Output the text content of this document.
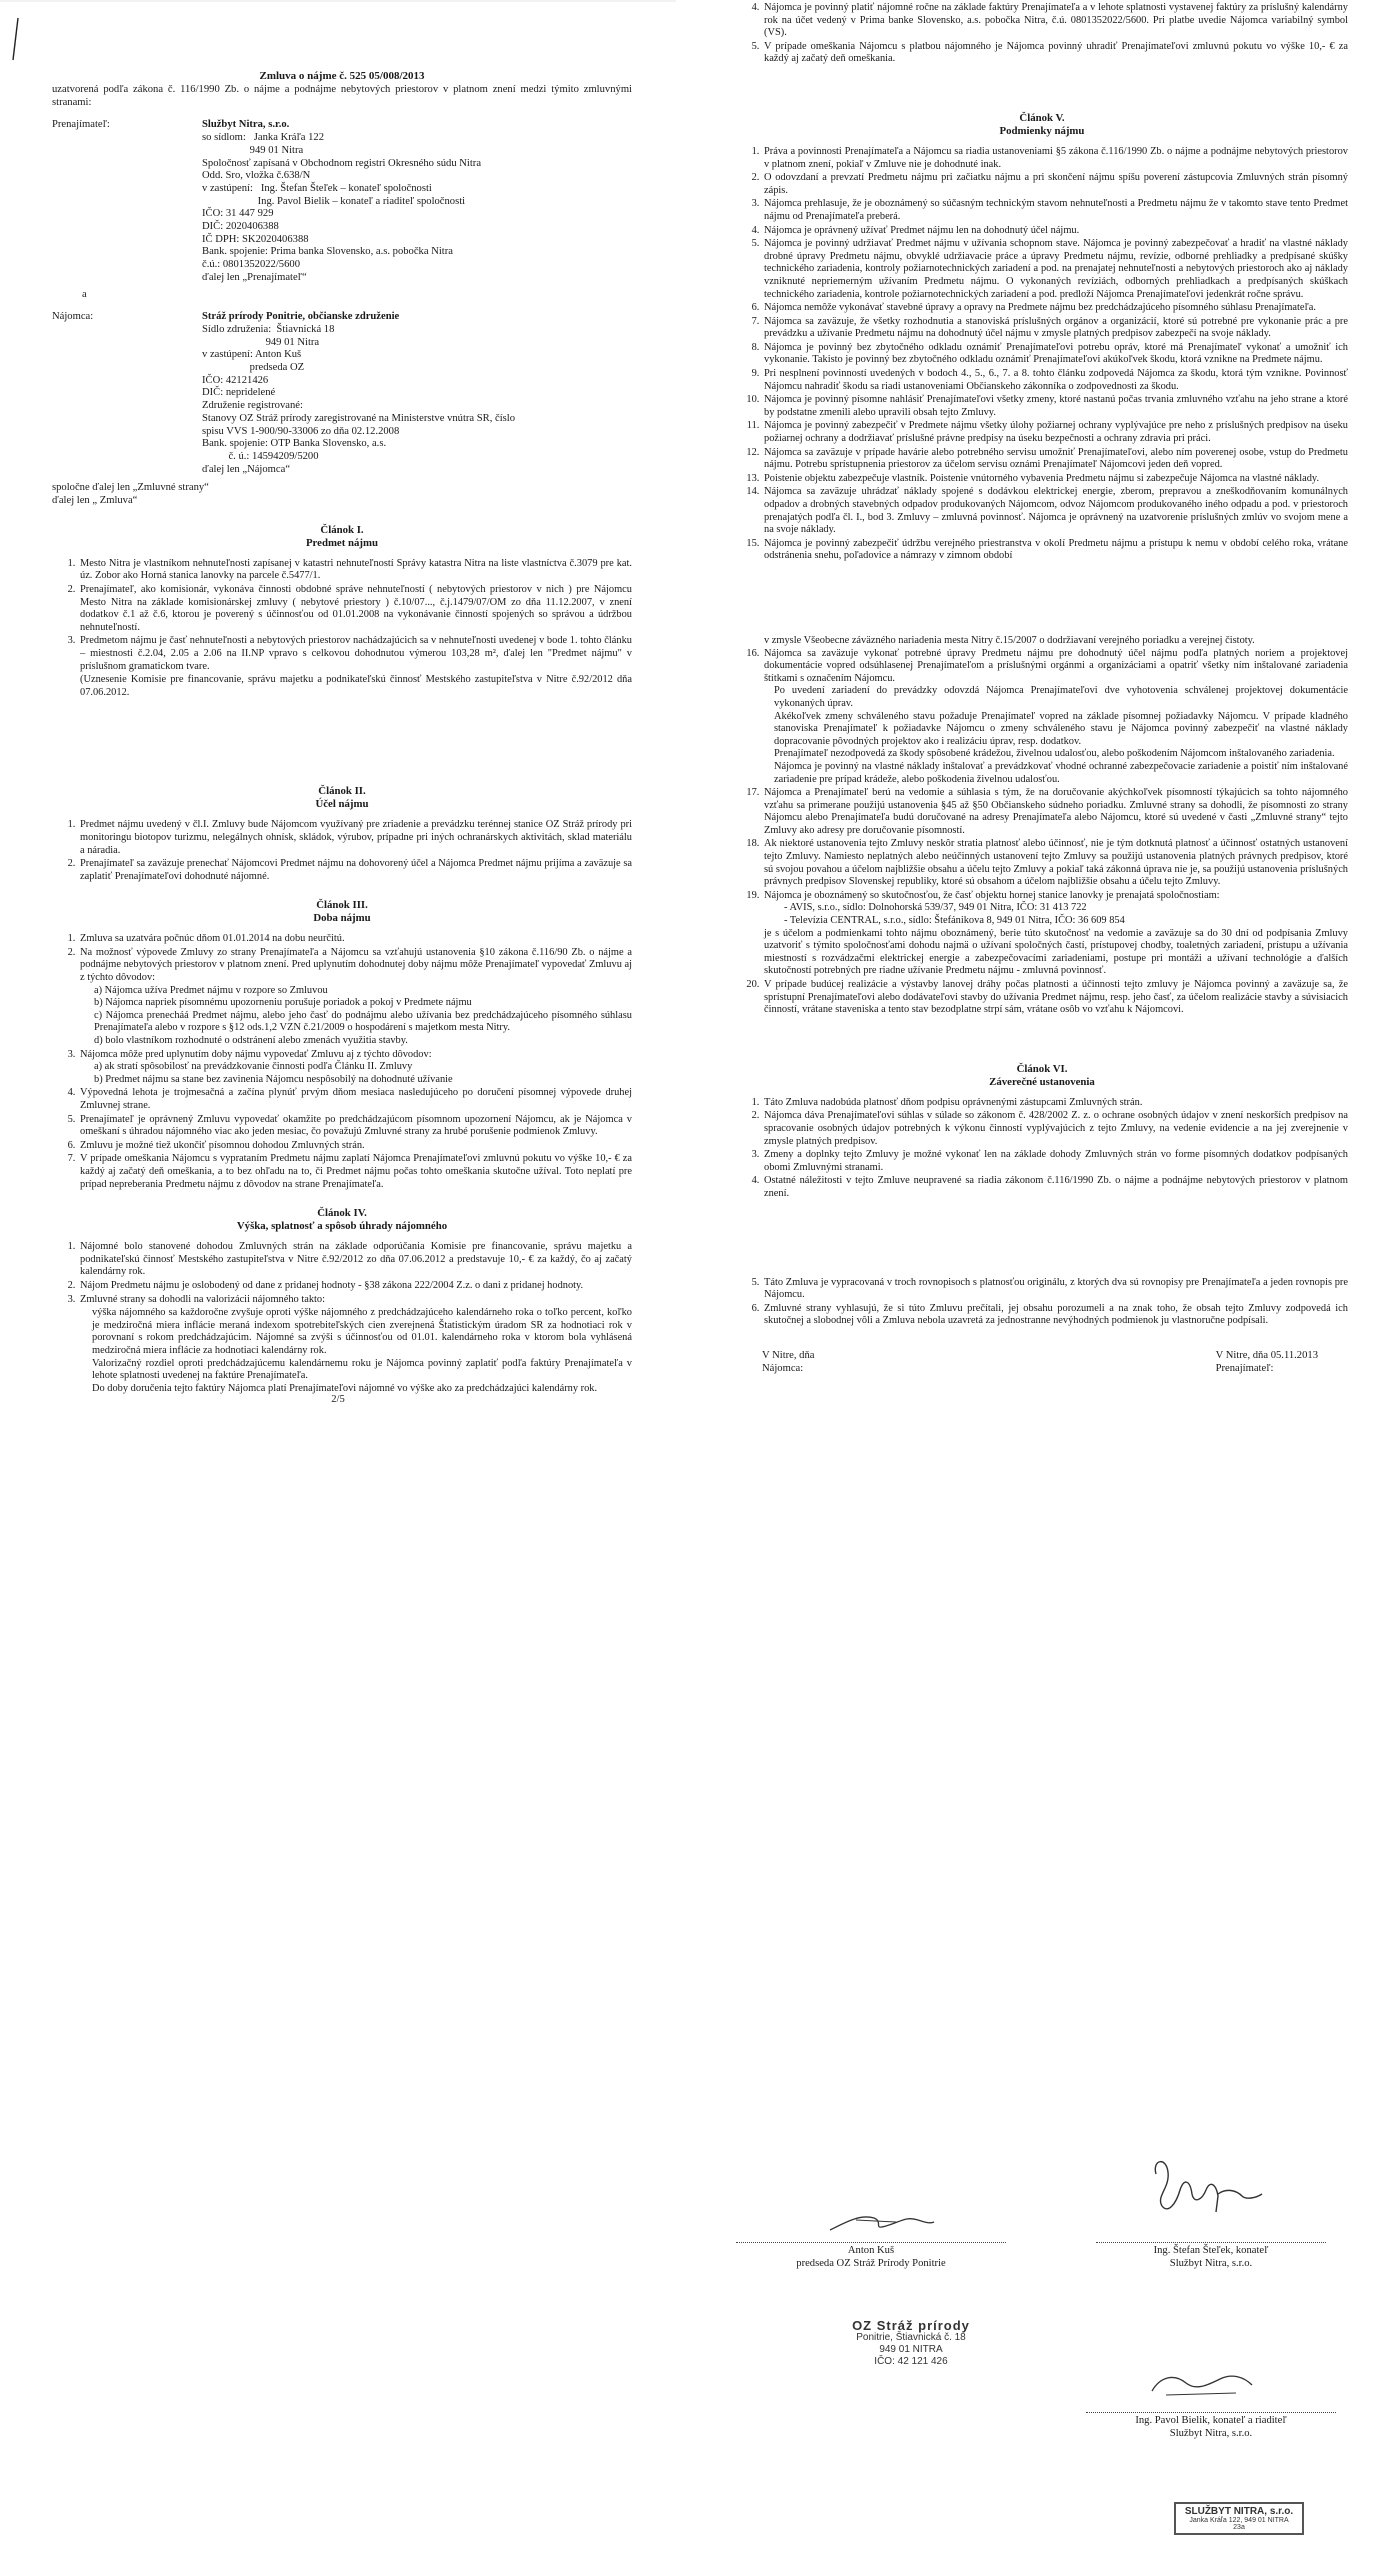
Zmluva o nájme č. 525 05/008/2013
uzatvorená podľa zákona č. 116/1990 Zb. o nájme a podnájme nebytových priestorov v platnom znení medzi týmito zmluvnými stranami:
Prenajímateľ:	Službyt Nitra, s.r.o.
so sídlom:   Janka Kráľa 122
949 01 Nitra
Spoločnosť zapísaná v Obchodnom registri Okresného súdu Nitra
Odd. Sro, vložka č.638/N
v zastúpení:   Ing. Štefan Šteľek – konateľ spoločnosti
Ing. Pavol Bielik – konateľ a riaditeľ spoločnosti
IČO: 31 447 929
DIČ: 2020406388
IČ DPH: SK2020406388
Bank. spojenie: Prima banka Slovensko, a.s. pobočka Nitra
č.ú.: 0801352022/5600
ďalej len „Prenajímateľ“
a
Nájomca:	Stráž prírody Ponitrie, občianske združenie
Sídlo združenia:  Štiavnická 18
949 01 Nitra
v zastúpení: Anton Kuš
predseda OZ
IČO: 42121426
DIČ: nepridelené
Združenie registrované:
Stanovy OZ Stráž prírody zaregistrované na Ministerstve vnútra SR, číslo
spisu VVS 1-900/90-33006 zo dňa 02.12.2008
Bank. spojenie: OTP Banka Slovensko, a.s.
č. ú.: 14594209/5200
ďalej len „Nájomca“
spoločne ďalej len „Zmluvné strany“
ďalej len „ Zmluva“
Článok I.
Predmet nájmu
1. Mesto Nitra je vlastníkom nehnuteľnosti zapísanej v katastri nehnuteľností Správy katastra Nitra na liste vlastníctva č.3079 pre kat. úz. Zobor ako Horná stanica lanovky na parcele č.5477/1.
2. Prenajímateľ, ako komisionár, vykonáva činnosti obdobné správe nehnuteľností ( nebytových priestorov v nich ) pre Nájomcu Mesto Nitra na základe komisionárskej zmluvy ( nebytové priestory ) č.10/07..., č.j.1479/07/OM zo dňa 11.12.2007, v znení dodatkov č.1 až č.6, ktorou je poverený s účinnosťou od 01.01.2008 na vykonávanie činností spojených so správou a údržbou nehnuteľností.
3. Predmetom nájmu je časť nehnuteľnosti a nebytových priestorov nachádzajúcich sa v nehnuteľnosti uvedenej v bode 1. tohto článku – miestnosti č.2.04, 2.05 a 2.06 na II.NP vpravo s celkovou dohodnutou výmerou 103,28 m², ďalej len "Predmet nájmu" v príslušnom gramatickom tvare.
(Uznesenie Komisie pre financovanie, správu majetku a podnikateľskú činnosť Mestského zastupiteľstva v Nitre č.92/2012 dňa 07.06.2012.
Článok II.
Účel nájmu
1. Predmet nájmu uvedený v čl.I. Zmluvy bude Nájomcom využívaný pre zriadenie a prevádzku terénnej stanice OZ Stráž prírody pri monitoringu biotopov turizmu, nelegálnych ohnísk, skládok, výrubov, prípadne pri iných ochranárskych aktivitách, sklad materiálu a náradia.
2. Prenajímateľ sa zaväzuje prenechať Nájomcovi Predmet nájmu na dohovorený účel a Nájomca Predmet nájmu prijíma a zaväzuje sa zaplatiť Prenajímateľovi dohodnuté nájomné.
Článok III.
Doba nájmu
1. Zmluva sa uzatvára počnúc dňom 01.01.2014 na dobu neurčitú.
2. Na možnosť výpovede Zmluvy zo strany Prenajímateľa a Nájomcu sa vzťahujú ustanovenia §10 zákona č.116/90 Zb. o nájme a podnájme nebytových priestorov v platnom znení. Pred uplynutím dohodnutej doby nájmu môže Prenajímateľ vypovedať Zmluvu aj z týchto dôvodov:
a) Nájomca užíva Predmet nájmu v rozpore so Zmluvou
b) Nájomca napriek písomnému upozorneniu porušuje poriadok a pokoj v Predmete nájmu
c) Nájomca prenecháá Predmet nájmu, alebo jeho časť do podnájmu alebo užívania bez predchádzajúceho písomného súhlasu Prenajímateľa alebo v rozpore s §12 ods.1,2 VZN č.21/2009 o hospodárení s majetkom mesta Nitry.
d) bolo vlastníkom rozhodnuté o odstránení alebo zmenách využitia stavby.
3. Nájomca môže pred uplynutím doby nájmu vypovedať Zmluvu aj z týchto dôvodov:
a) ak stratí spôsobilosť na prevádzkovanie činnosti podľa Článku II. Zmluvy
b) Predmet nájmu sa stane bez zavinenia Nájomcu nespôsobilý na dohodnuté užívanie
4. Výpovedná lehota je trojmesačná a začína plynúť prvým dňom mesiaca nasledujúceho po doručení písomnej výpovede druhej Zmluvnej strane.
5. Prenajímateľ je oprávnený Zmluvu vypovedať okamžite po predchádzajúcom písomnom upozornení Nájomcu, ak je Nájomca v omeškaní s úhradou nájomného viac ako jeden mesiac, čo považujú Zmluvné strany za hrubé porušenie podmienok Zmluvy.
6. Zmluvu je možné tiež ukončiť písomnou dohodou Zmluvných strán.
7. V prípade omeškania Nájomcu s vyprataním Predmetu nájmu zaplatí Nájomca Prenajímateľovi zmluvnú pokutu vo výške 10,- € za každý aj začatý deň omeškania, a to bez ohľadu na to, či Predmet nájmu počas tohto omeškania skutočne užíval. Toto neplatí pre prípad nepreberania Predmetu nájmu z dôvodov na strane Prenajímateľa.
Článok IV.
Výška, splatnosť a spôsob úhrady nájomného
1. Nájomné bolo stanovené dohodou Zmluvných strán na základe odporúčania Komisie pre financovanie, správu majetku a podnikateľskú činnosť Mestského zastupiteľstva v Nitre č.92/2012 zo dňa 07.06.2012 a predstavuje 10,- € za každý, čo aj začatý kalendárny rok.
2. Nájom Predmetu nájmu je oslobodený od dane z pridanej hodnoty - §38 zákona 222/2004 Z.z. o dani z pridanej hodnoty.
3. Zmluvné strany sa dohodli na valorizácii nájomného takto:
výška nájomného sa každoročne zvyšuje oproti výške nájomného z predchádzajúceho kalendárneho roka o toľko percent, koľko je medziročná miera inflácie meraná indexom spotrebiteľských cien zverejnená Štatistickým úradom SR za hodnotiaci rok v porovnaní s rokom predchádzajúcim. Nájomné sa zvýši s účinnosťou od 01.01. kalendárneho roka v ktorom bola vyhlásená medziročná miera inflácie za hodnotiaci kalendárny rok.
Valorizačný rozdiel oproti predchádzajúcemu kalendárnemu roku je Nájomca povinný zaplatiť podľa faktúry Prenajímateľa v lehote splatnosti uvedenej na faktúre Prenajímateľa.
Do doby doručenia tejto faktúry Nájomca platí Prenajímateľovi nájomné vo výške ako za predchádzajúci kalendárny rok.
2/5
4. Nájomca je povinný platiť nájomné ročne na základe faktúry Prenajímateľa a v lehote splatnosti vystavenej faktúry za príslušný kalendárny rok na účet vedený v Prima banke Slovensko, a.s. pobočka Nitra, č.ú. 0801352022/5600. Pri platbe uvedie Nájomca variabilný symbol (VS).
5. V prípade omeškania Nájomcu s platbou nájomného je Nájomca povinný uhradiť Prenajímateľovi zmluvnú pokutu vo výške 10,- € za každý aj začatý deň omeškania.
Článok V.
Podmienky nájmu
1. Práva a povinnosti Prenajímateľa a Nájomcu sa riadia ustanoveniami §5 zákona č.116/1990 Zb. o nájme a podnájme nebytových priestorov v platnom znení, pokiaľ v Zmluve nie je dohodnuté inak.
2. O odovzdaní a prevzatí Predmetu nájmu pri začiatku nájmu a pri skončení nájmu spíšu poverení zástupcovia Zmluvných strán písomný zápis.
3. Nájomca prehlasuje, že je oboznámený so súčasným technickým stavom nehnuteľnosti a Predmetu nájmu že v takomto stave tento Predmet nájmu od Prenajímateľa preberá.
4. Nájomca je oprávnený užívať Predmet nájmu len na dohodnutý účel nájmu.
5. Nájomca je povinný udržiavať Predmet nájmu v užívania schopnom stave. Nájomca je povinný zabezpečovať a hradiť na vlastné náklady drobné úpravy Predmetu nájmu, obvyklé udržiavacie práce a úpravy Predmetu nájmu, revízie, odborné prehliadky a predpísané skúšky technického zariadenia, kontroly požiarnotechnických zariadení a pod. na prenajatej nehnuteľnosti a nebytových priestoroch ako aj náklady vzniknuté nepriemerným užívaním Predmetu nájmu. O vykonaných revíziách, odborných prehliadkach a predpísaných skúškach technického zariadenia, kontrole požiarnotechnických zariadení a pod. predloží Nájomca Prenajímateľovi jedenkrát ročne správu.
6. Nájomca nemôže vykonávať stavebné úpravy a opravy na Predmete nájmu bez predchádzajúceho písomného súhlasu Prenajímateľa.
7. Nájomca sa zaväzuje, že všetky rozhodnutia a stanoviská príslušných orgánov a organizácií, ktoré sú potrebné pre vykonanie prác a pre prevádzku a užívanie Predmetu nájmu na dohodnutý účel nájmu v zmysle platných predpisov zabezpečí na svoje náklady.
8. Nájomca je povinný bez zbytočného odkladu oznámiť Prenajímateľovi potrebu opráv, ktoré má Prenajímateľ vykonať a umožniť ich vykonanie. Takisto je povinný bez zbytočného odkladu oznámiť Prenajímateľovi akúkoľvek škodu, ktorá vznikne na Predmete nájmu.
9. Pri nesplnení povinností uvedených v bodoch 4., 5., 6., 7. a 8. tohto článku zodpovedá Nájomca za škodu, ktorá tým vznikne. Povinnosť Nájomcu nahradiť škodu sa riadi ustanoveniami Občianskeho zákonníka o zodpovednosti za škodu.
10. Nájomca je povinný písomne nahlásiť Prenajímateľovi všetky zmeny, ktoré nastanú počas trvania zmluvného vzťahu na jeho strane a ktoré by podstatne zmenili alebo upravili obsah tejto Zmluvy.
11. Nájomca je povinný zabezpečiť v Predmete nájmu všetky úlohy požiarnej ochrany vyplývajúce pre neho z príslušných predpisov na úseku požiarnej ochrany a dodržiavať príslušné právne predpisy na úseku bezpečnosti a ochrany zdravia pri práci.
12. Nájomca sa zaväzuje v prípade havárie alebo potrebného servisu umožniť Prenajímateľovi, alebo ním poverenej osobe, vstup do Predmetu nájmu. Potrebu sprístupnenia priestorov za účelom servisu oznámi Prenajímateľ Nájomcovi jeden deň vopred.
13. Poistenie objektu zabezpečuje vlastník. Poistenie vnútorného vybavenia Predmetu nájmu si zabezpečuje Nájomca na vlastné náklady.
14. Nájomca sa zaväzuje uhrádzať náklady spojené s dodávkou elektrickej energie, zberom, prepravou a zneškodňovaním komunálnych odpadov a drobných stavebných odpadov produkovaných Nájomcom, odvoz Nájomcom produkovaného iného odpadu a pod. v priestoroch prenajatých podľa čl. I., bod 3. Zmluvy – zmluvná povinnosť. Nájomca je oprávnený na uzatvorenie príslušných zmlúv vo svojom mene a na svoje náklady.
15. Nájomca je povinný zabezpečiť údržbu verejného priestranstva v okolí Predmetu nájmu a prístupu k nemu v období celého roka, vrátane odstránenia snehu, poľadovice a námrazy v zimnom období
v zmysle Všeobecne záväzného nariadenia mesta Nitry č.15/2007 o dodržiavaní verejného poriadku a verejnej čistoty.
16. Nájomca sa zaväzuje vykonať potrebné úpravy Predmetu nájmu pre dohodnutý účel nájmu podľa platných noriem a projektovej dokumentácie vopred odsúhlasenej Prenajímateľom a príslušnými orgánmi a organizáciami a opatriť všetky ním inštalované zariadenia štítkami s označením Nájomcu.
Po uvedení zariadení do prevádzky odovzdá Nájomca Prenajímateľovi dve vyhotovenia schválenej projektovej dokumentácie vykonaných úprav.
Akékoľvek zmeny schváleného stavu požaduje Prenajímateľ vopred na základe písomnej požiadavky Nájomcu. V prípade kladného stanoviska Prenajímateľ k požiadavke Nájomcu o zmeny schváleného stavu je Nájomca povinný zabezpečiť na vlastné náklady dopracovanie pôvodných projektov ako i realizáciu úprav, resp. dodatkov.
Prenajímateľ nezodpovedá za škody spôsobené krádežou, živelnou udalosťou, alebo poškodením Nájomcom inštalovaného zariadenia.
Nájomca je povinný na vlastné náklady inštalovať a prevádzkovať vhodné ochranné zabezpečovacie zariadenie a poistiť ním inštalované zariadenie pre prípad krádeže, alebo poškodenia živelnou udalosťou.
17. Nájomca a Prenajímateľ berú na vedomie a súhlasia s tým, že na doručovanie akýchkoľvek písomností týkajúcich sa tohto nájomného vzťahu sa primerane použijú ustanovenia §45 až §50 Občianskeho súdneho poriadku. Zmluvné strany sa dohodli, že písomnosti zo strany Nájomcu alebo Prenajímateľa budú doručované na adresy Prenajímateľa alebo Nájomcu, ktoré sú uvedené v časti „Zmluvné strany“ tejto Zmluvy ako adresy pre doručovanie písomností.
18. Ak niektoré ustanovenia tejto Zmluvy neskôr stratia platnosť alebo účinnosť, nie je tým dotknutá platnosť a účinnosť ostatných ustanovení tejto Zmluvy. Namiesto neplatných alebo neúčinných ustanovení tejto Zmluvy sa použijú ustanovenia platných právnych predpisov, ktoré sú svojou povahou a účelom najbližšie obsahu a účelu tejto Zmluvy a pokiaľ taká zákonná úprava nie je, sa použijú ustanovenia príslušných právnych predpisov Slovenskej republiky, ktoré sú obsahom a účelom najbližšie obsahu a účelu tejto Zmluvy.
19. Nájomca je oboznámený so skutočnosťou, že časť objektu hornej stanice lanovky je prenajatá spoločnostiam:
- AVIS, s.r.o., sídlo: Dolnohorská 539/37, 949 01 Nitra, IČO: 31 413 722
- Televízia CENTRAL, s.r.o., sídlo: Štefánikova 8, 949 01 Nitra, IČO: 36 609 854
je s účelom a podmienkami tohto nájmu oboznámený, berie túto skutočnosť na vedomie a zaväzuje sa do 30 dní od podpísania Zmluvy uzatvoriť s týmito spoločnosťami dohodu najmä o užívaní spoločných častí, prístupovej chodby, toaletných zariadení, prístupu a užívania miestností s rozvádzačmi elektrickej energie a zabezpečovacími zariadeniami, postupe pri montáži a užívaní technológie a ďalších skutočností potrebných pre riadne užívanie Predmetu nájmu - zmluvná povinnosť.
20. V prípade budúcej realizácie a výstavby lanovej dráhy počas platnosti a účinnosti tejto zmluvy je Nájomca povinný a zaväzuje sa, že sprístupní Prenajímateľovi alebo dodávateľovi stavby do užívania Predmet nájmu, resp. jeho časť, za účelom realizácie stavby a súvisiacich činností, vrátane staveniska a tento stav bezodplatne strpí sám, vrátane osôb vo vzťahu k Nájomcovi.
Článok VI.
Záverečné ustanovenia
1. Táto Zmluva nadobúda platnosť dňom podpisu oprávnenými zástupcami Zmluvných strán.
2. Nájomca dáva Prenajímateľovi súhlas v súlade so zákonom č. 428/2002 Z. z. o ochrane osobných údajov v znení neskorších predpisov na spracovanie osobných údajov potrebných k výkonu činností vyplývajúcich z tejto Zmluvy, na vedenie evidencie a na jej zverejnenie v zmysle platných predpisov.
3. Zmeny a doplnky tejto Zmluvy je možné vykonať len na základe dohody Zmluvných strán vo forme písomných dodatkov podpísaných obomi Zmluvnými stranami.
4. Ostatné náležitosti v tejto Zmluve neupravené sa riadia zákonom č.116/1990 Zb. o nájme a podnájme nebytových priestorov v platnom znení.
5. Táto Zmluva je vypracovaná v troch rovnopisoch s platnosťou originálu, z ktorých dva sú rovnopisy pre Prenajímateľa a jeden rovnopis pre Nájomcu.
6. Zmluvné strany vyhlasujú, že si túto Zmluvu prečítali, jej obsahu porozumeli a na znak toho, že obsah tejto Zmluvy zodpovedá ich skutočnej a slobodnej vôli a Zmluva nebola uzavretá za jednostranne nevýhodných podmienok ju vlastnoručne podpísali.
V Nitre, dňa
Nájomca:
V Nitre, dňa 05.11.2013
Prenajímateľ:
Anton Kuš
predseda OZ Stráž Prírody Ponitrie
Ing. Štefan Šteľek, konateľ
Službyt Nitra, s.r.o.
OZ Stráž prírody
Ponitrie, Štiavnická č. 18
949 01 NITRA
IČO: 42 121 426
Ing. Pavol Bielik, konateľ a riaditeľ
Službyt Nitra, s.r.o.
SLUŽBYT NITRA, s.r.o.
Janka Kráľa 122, 949 01 NITRA
23a
